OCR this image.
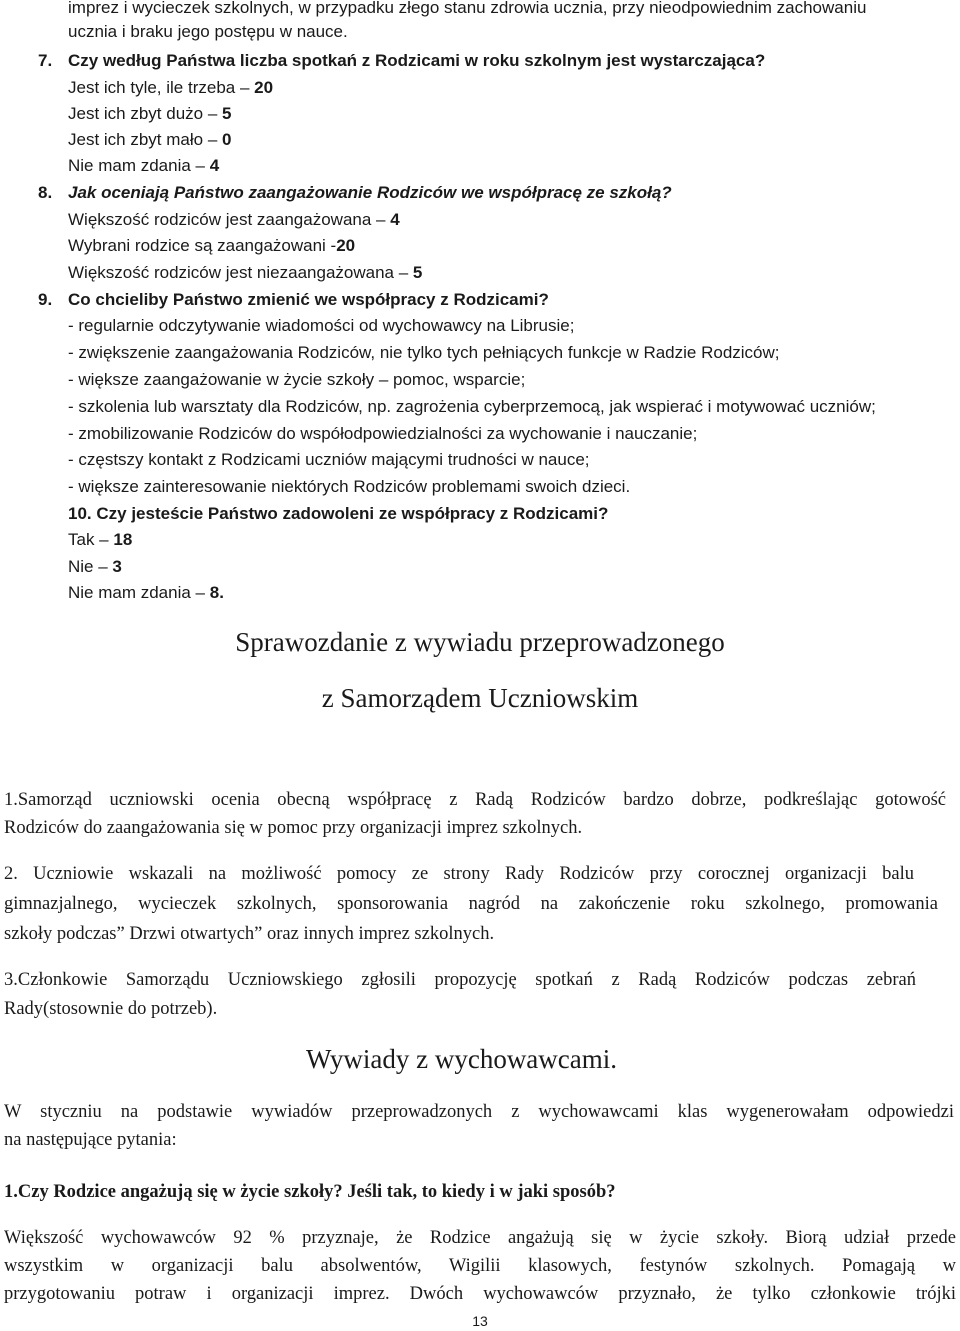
imprez i wycieczek szkolnych, w przypadku złego stanu zdrowia ucznia, przy nieodpowiednim zachowaniu
ucznia i braku jego postępu w nauce.
7. Czy według Państwa liczba spotkań z Rodzicami w roku szkolnym jest wystarczająca?
Jest ich tyle, ile trzeba – 20
Jest ich zbyt dużo – 5
Jest ich zbyt mało – 0
Nie mam zdania – 4
8. Jak oceniają Państwo zaangażowanie Rodziców we współpracę ze szkołą?
Większość rodziców jest zaangażowana – 4
Wybrani rodzice są zaangażowani -20
Większość rodziców jest niezaangażowana – 5
9. Co chcieliby Państwo zmienić we współpracy z Rodzicami?
- regularnie odczytywanie wiadomości od wychowawcy na Librusie;
- zwiększenie zaangażowania Rodziców, nie tylko tych pełniących funkcje w Radzie Rodziców;
- większe zaangażowanie w życie szkoły – pomoc, wsparcie;
- szkolenia lub warsztaty dla Rodziców, np. zagrożenia cyberprzemocą, jak wspierać i motywować uczniów;
- zmobilizowanie Rodziców do współodpowiedzialności za wychowanie i nauczanie;
- częstszy kontakt z Rodzicami uczniów mającymi trudności w nauce;
- większe zainteresowanie niektórych Rodziców problemami swoich dzieci.
10. Czy jesteście Państwo zadowoleni ze współpracy z Rodzicami?
Tak – 18
Nie – 3
Nie mam zdania – 8.
Sprawozdanie z wywiadu przeprowadzonego
z Samorządem Uczniowskim
1.Samorząd uczniowski ocenia obecną współpracę z Radą Rodziców bardzo dobrze, podkreślając gotowość
Rodziców do zaangażowania się w pomoc przy organizacji imprez szkolnych.
2. Uczniowie wskazali na możliwość pomocy ze strony Rady Rodziców przy corocznej organizacji balu
gimnazjalnego, wycieczek szkolnych, sponsorowania nagród na zakończenie roku szkolnego, promowania
szkoły podczas” Drzwi otwartych” oraz innych imprez szkolnych.
3.Członkowie Samorządu Uczniowskiego zgłosili propozycję spotkań z Radą Rodziców podczas zebrań
Rady(stosownie do potrzeb).
Wywiady z wychowawcami.
W styczniu na podstawie wywiadów przeprowadzonych z wychowawcami klas wygenerowałam odpowiedzi
na następujące pytania:
1.Czy Rodzice angażują się w życie szkoły? Jeśli tak, to kiedy i w jaki sposób?
Większość wychowawców 92 % przyznaje, że Rodzice angażują się w życie szkoły. Biorą udział przede
wszystkim w organizacji balu absolwentów, Wigilii klasowych, festynów szkolnych. Pomagają w
przygotowaniu potraw i organizacji imprez. Dwóch wychowawców przyznało, że tylko członkowie trójki
13
